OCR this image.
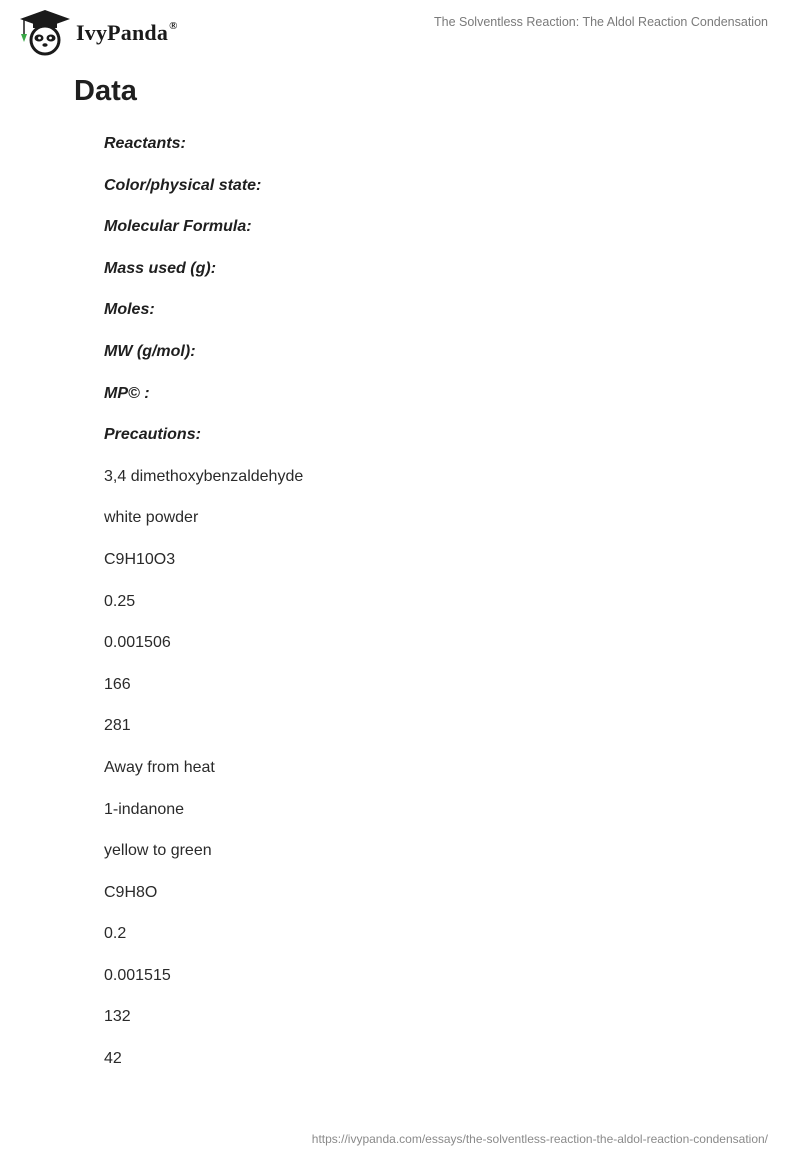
IvyPanda®	The Solventless Reaction: The Aldol Reaction Condensation
Data
Reactants:
Color/physical state:
Molecular Formula:
Mass used (g):
Moles:
MW (g/mol):
MP© :
Precautions:
3,4 dimethoxybenzaldehyde
white powder
C9H10O3
0.25
0.001506
166
281
Away from heat
1-indanone
yellow to green
C9H8O
0.2
0.001515
132
42
https://ivypanda.com/essays/the-solventless-reaction-the-aldol-reaction-condensation/
